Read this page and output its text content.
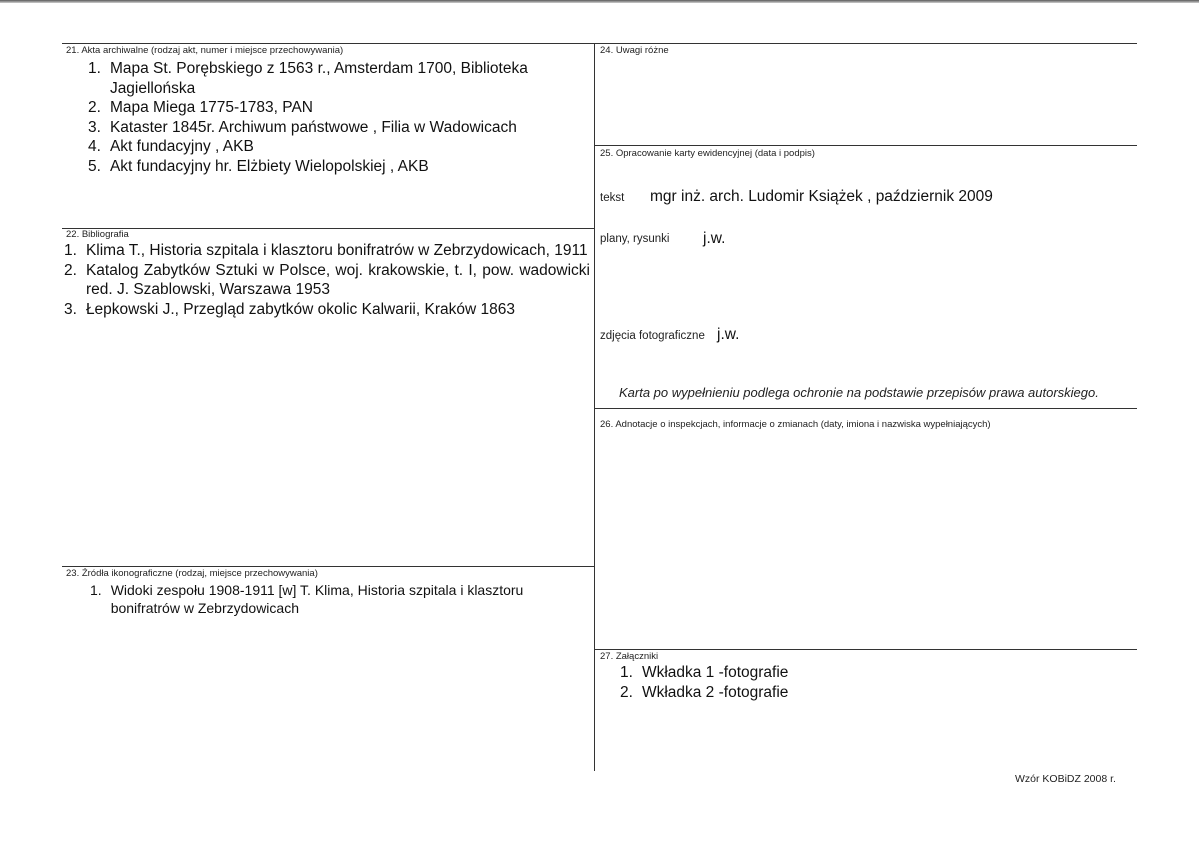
21. Akta archiwalne (rodzaj akt, numer i miejsce przechowywania)
1. Mapa St. Porębskiego z 1563 r., Amsterdam 1700, Biblioteka Jagiellońska
2. Mapa Miega 1775-1783, PAN
3. Kataster 1845r. Archiwum państwowe , Filia w Wadowicach
4. Akt fundacyjny , AKB
5. Akt fundacyjny hr. Elżbiety Wielopolskiej , AKB
22. Bibliografia
1. Klima T., Historia szpitala i klasztoru bonifratrów w Zebrzydowicach, 1911
2. Katalog Zabytków Sztuki w Polsce, woj. krakowskie, t. I, pow. wadowicki red. J. Szablowski, Warszawa 1953
3. Łepkowski J., Przegląd zabytków okolic Kalwarii, Kraków 1863
23. Źródła ikonograficzne (rodzaj, miejsce przechowywania)
1. Widoki zespołu 1908-1911 [w] T. Klima, Historia szpitala i klasztoru bonifratrów w Zebrzydowicach
24. Uwagi różne
25. Opracowanie karty ewidencyjnej (data i podpis)
tekst mgr inż. arch. Ludomir Książek , październik 2009
plany, rysunki j.w.
zdjęcia fotograficzne j.w.
Karta po wypełnieniu podlega ochronie na podstawie przepisów prawa autorskiego.
26. Adnotacje o inspekcjach, informacje o zmianach (daty, imiona i nazwiska wypełniających)
27. Załączniki
1. Wkładka 1 -fotografie
2. Wkładka 2 -fotografie
Wzór KOBiDZ 2008 r.
